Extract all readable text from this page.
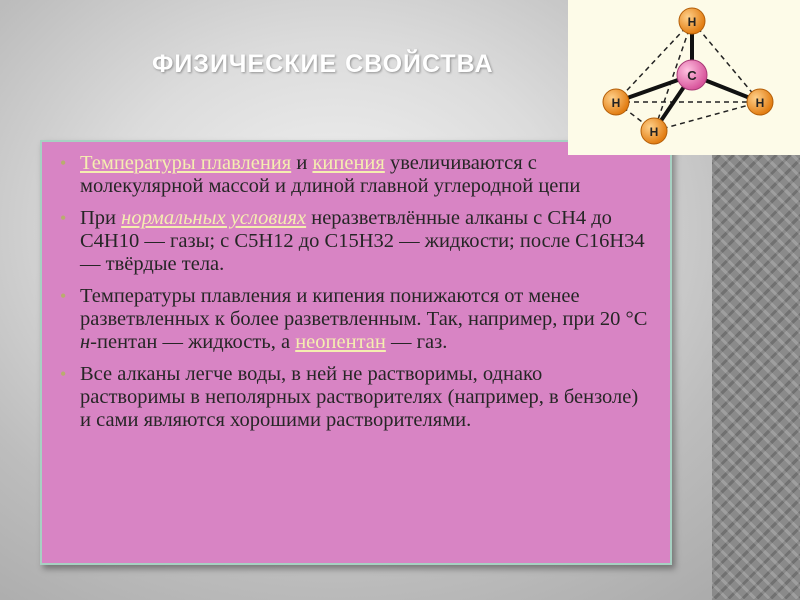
ФИЗИЧЕСКИЕ СВОЙСТВА
• Температуры плавления и кипения увеличиваются с молекулярной массой и длиной главной углеродной цепи
• При нормальных условиях неразветвлённые алканы с CH4 до C4H10 — газы; с C5H12 до C15H32 — жидкости; после C16H34 — твёрдые тела.
• Температуры плавления и кипения понижаются от менее разветвленных к более разветвленным. Так, например, при 20 °C н-пентан — жидкость, а неопентан — газ.
• Все алканы легче воды, в ней не растворимы, однако растворимы в неполярных растворителях (например, в бензоле) и сами являются хорошими растворителями.
H
H	H
C
H
